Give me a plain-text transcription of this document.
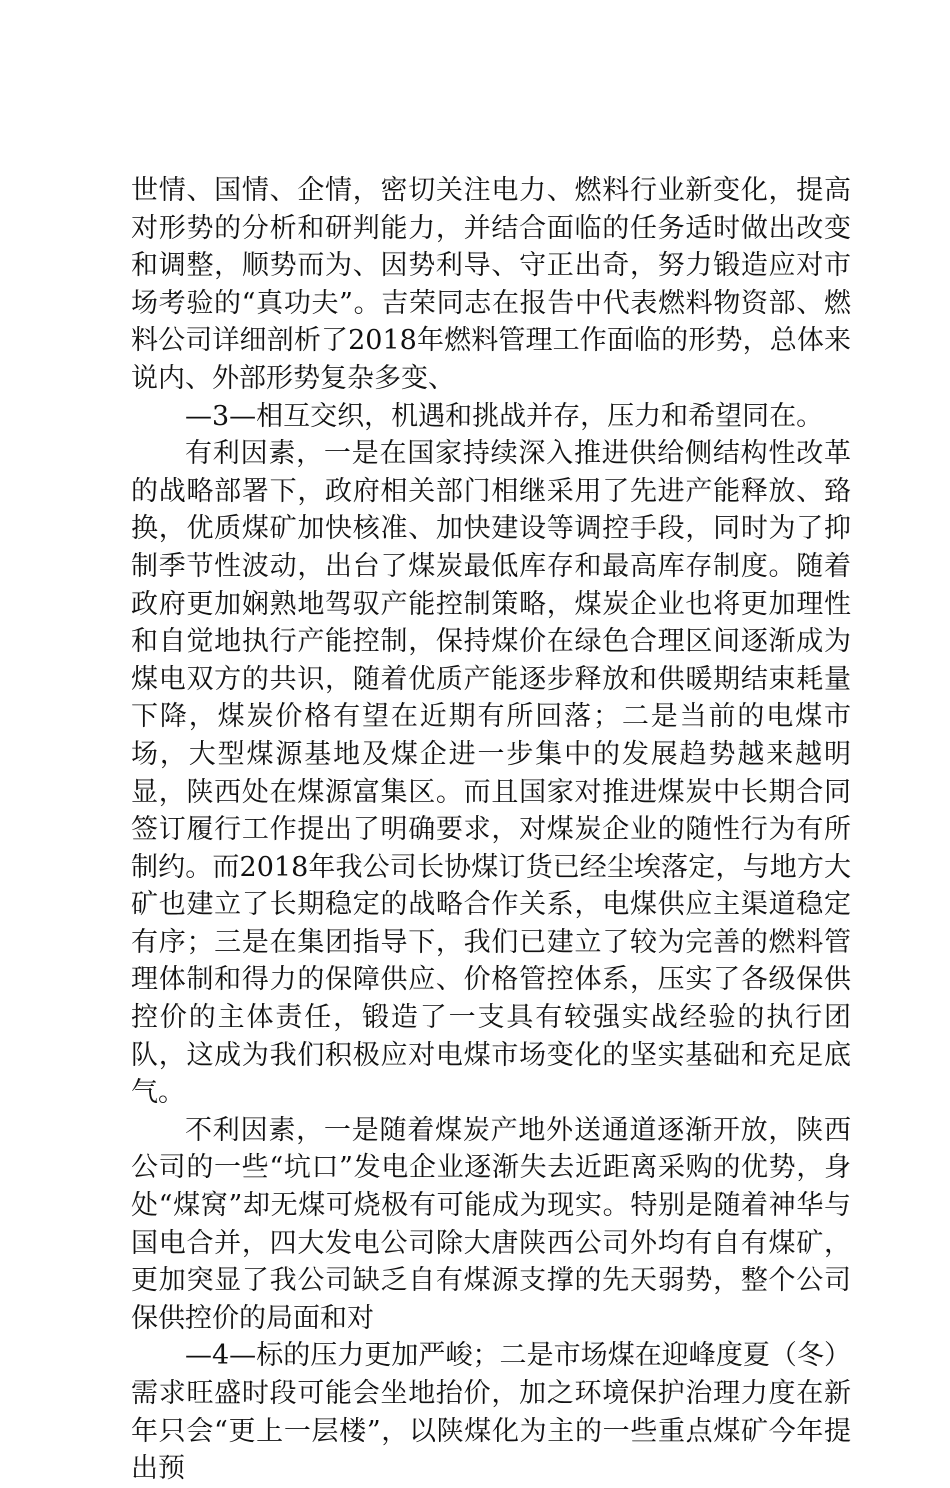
世情、国情、企情，密切关注电力、燃料行业新变化，提高对形势的分析和研判能力，并结合面临的任务适时做出改变和调整，顺势而为、因势利导、守正出奇，努力锻造应对市场考验的“真功夫”。吉荣同志在报告中代表燃料物资部、燃料公司详细剖析了2018年燃料管理工作面临的形势，总体来说内、外部形势复杂多变、

—3—相互交织，机遇和挑战并存，压力和希望同在。

有利因素，一是在国家持续深入推进供给侧结构性改革的战略部署下，政府相关部门相继采用了先进产能释放、臵换，优质煤矿加快核准、加快建设等调控手段，同时为了抑制季节性波动，出台了煤炭最低库存和最高库存制度。随着政府更加娴熟地驾驭产能控制策略，煤炭企业也将更加理性和自觉地执行产能控制，保持煤价在绿色合理区间逐渐成为煤电双方的共识，随着优质产能逐步释放和供暖期结束耗量下降，煤炭价格有望在近期有所回落；二是当前的电煤市场，大型煤源基地及煤企进一步集中的发展趋势越来越明显，陕西处在煤源富集区。而且国家对推进煤炭中长期合同签订履行工作提出了明确要求，对煤炭企业的随性行为有所制约。而2018年我公司长协煤订货已经尘埃落定，与地方大矿也建立了长期稳定的战略合作关系，电煤供应主渠道稳定有序；三是在集团指导下，我们已建立了较为完善的燃料管理体制和得力的保障供应、价格管控体系，压实了各级保供控价的主体责任，锻造了一支具有较强实战经验的执行团队，这成为我们积极应对电煤市场变化的坚实基础和充足底气。

不利因素，一是随着煤炭产地外送通道逐渐开放，陕西公司的一些“坑口”发电企业逐渐失去近距离采购的优势，身处“煤窝”却无煤可烧极有可能成为现实。特别是随着神华与国电合并，四大发电公司除大唐陕西公司外均有自有煤矿，更加突显了我公司缺乏自有煤源支撑的先天弱势，整个公司保供控价的局面和对

—4—标的压力更加严峻；二是市场煤在迎峰度夏（冬）需求旺盛时段可能会坐地抬价，加之环境保护治理力度在新年只会“更上一层楼”，以陕煤化为主的一些重点煤矿今年提出预
